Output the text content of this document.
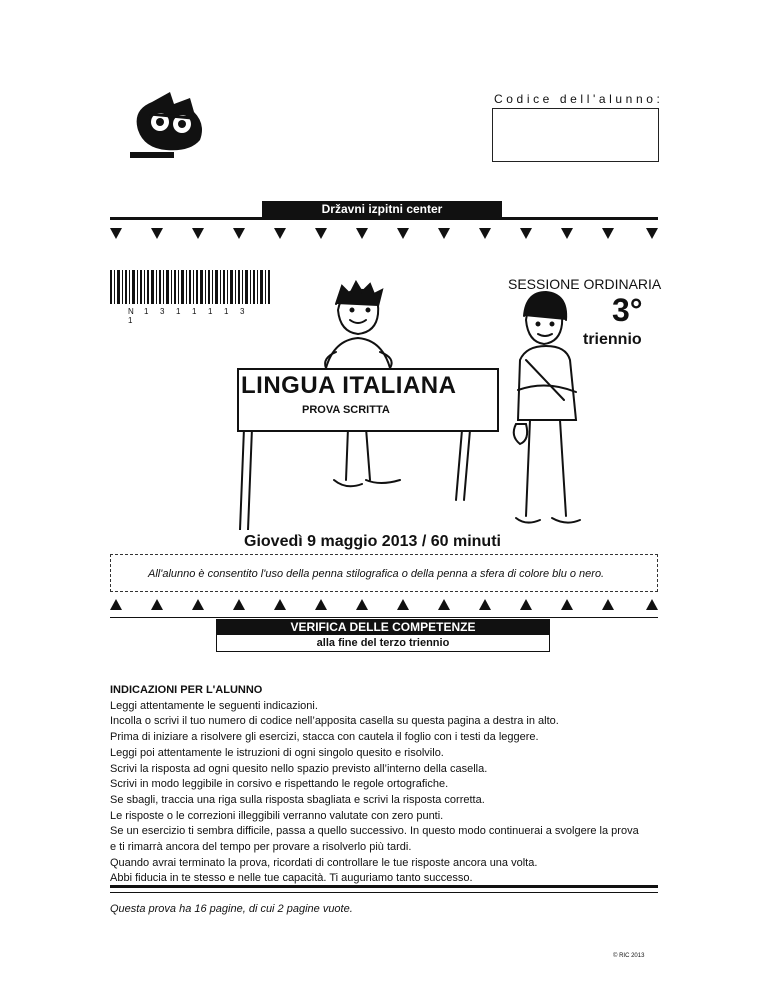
Codice dell'alunno:
Državni izpitni center
N 1 3 1 1 1 1 31
SESSIONE ORDINARIA
3°
triennio
LINGUA ITALIANA
PROVA SCRITTA
Giovedì 9 maggio 2013 / 60 minuti
All'alunno è consentito l'uso della penna stilografica o della penna a sfera di colore blu o nero.
VERIFICA DELLE COMPETENZE
alla fine del terzo triennio
INDICAZIONI PER L'ALUNNO
Leggi attentamente le seguenti indicazioni.
Incolla o scrivi il tuo numero di codice nell’apposita casella su questa pagina a destra in alto.
Prima di iniziare a risolvere gli esercizi, stacca con cautela il foglio con i testi da leggere.
Leggi poi attentamente le istruzioni di ogni singolo quesito e risolvilo.
Scrivi la risposta ad ogni quesito nello spazio previsto all’interno della casella.
Scrivi in modo leggibile in corsivo e rispettando le regole ortografiche.
Se sbagli, traccia una riga sulla risposta sbagliata e scrivi la risposta corretta.
Le risposte o le correzioni illeggibili verranno valutate con zero punti.
Se un esercizio ti sembra difficile, passa a quello successivo. In questo modo continuerai a svolgere la prova
e ti rimarrà ancora del tempo per provare a risolverlo più tardi.
Quando avrai terminato la prova, ricordati di controllare le tue risposte ancora una volta.
Abbi fiducia in te stesso e nelle tue capacità. Ti auguriamo tanto successo.
Questa prova ha 16 pagine, di cui 2 pagine vuote.
© RIC 2013
